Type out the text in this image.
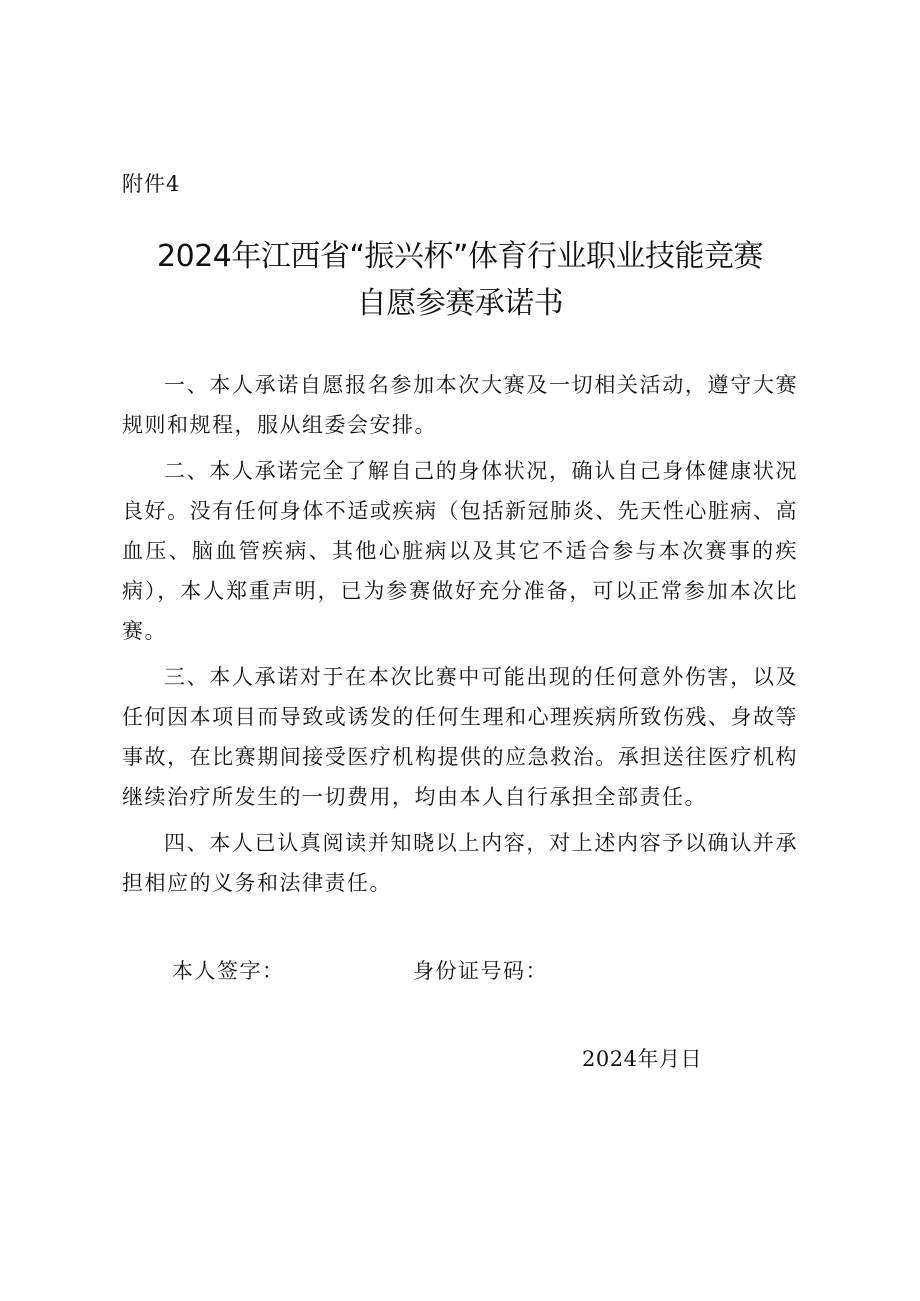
附件4
2024年江西省“振兴杯”体育行业职业技能竞赛
自愿参赛承诺书

一、本人承诺自愿报名参加本次大赛及一切相关活动，遵守大赛规则和规程，服从组委会安排。

二、本人承诺完全了解自己的身体状况，确认自己身体健康状况良好。没有任何身体不适或疾病（包括新冠肺炎、先天性心脏病、高血压、脑血管疾病、其他心脏病以及其它不适合参与本次赛事的疾病），本人郑重声明，已为参赛做好充分准备，可以正常参加本次比赛。

三、本人承诺对于在本次比赛中可能出现的任何意外伤害，以及任何因本项目而导致或诱发的任何生理和心理疾病所致伤残、身故等事故，在比赛期间接受医疗机构提供的应急救治。承担送往医疗机构继续治疗所发生的一切费用，均由本人自行承担全部责任。

四、本人已认真阅读并知晓以上内容，对上述内容予以确认并承担相应的义务和法律责任。

本人签字：	身份证号码：
2024年月日
